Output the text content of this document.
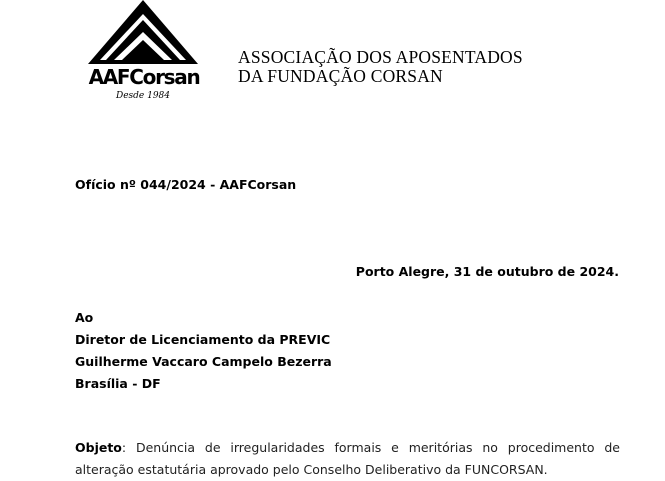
AAFCorsan
Desde 1984
ASSOCIAÇÃO DOS APOSENTADOS
DA FUNDAÇÃO CORSAN
Ofício nº 044/2024 - AAFCorsan
Porto Alegre, 31 de outubro de 2024.
Ao
Diretor de Licenciamento da PREVIC
Guilherme Vaccaro Campelo Bezerra
Brasília - DF
Objeto: Denúncia de irregularidades formais e meritórias no procedimento de alteração estatutária aprovado pelo Conselho Deliberativo da FUNCORSAN.
